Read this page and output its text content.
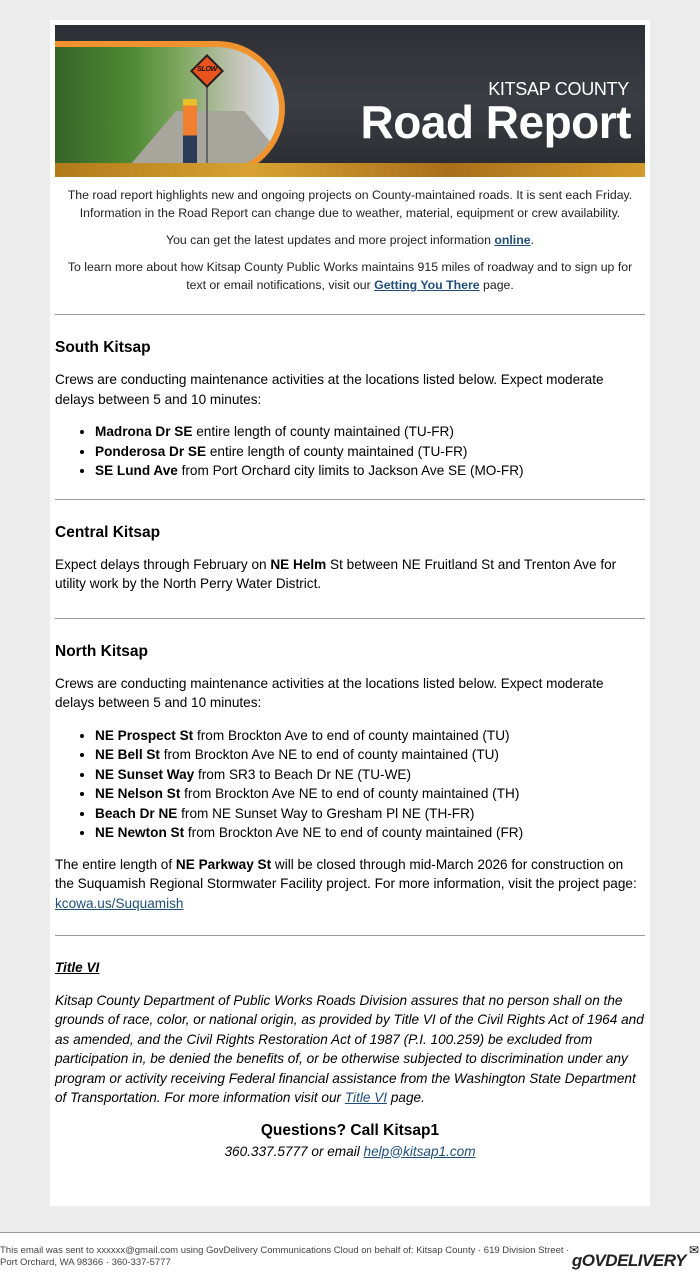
SLOW
KITSAP COUNTY
Road Report

The road report highlights new and ongoing projects on County-maintained roads. It is sent each Friday. Information in the Road Report can change due to weather, material, equipment or crew availability.

You can get the latest updates and more project information online.

To learn more about how Kitsap County Public Works maintains 915 miles of roadway and to sign up for text or email notifications, visit our Getting You There page.

South Kitsap

Crews are conducting maintenance activities at the locations listed below. Expect moderate delays between 5 and 10 minutes:

• Madrona Dr SE entire length of county maintained (TU-FR)
• Ponderosa Dr SE entire length of county maintained (TU-FR)
• SE Lund Ave from Port Orchard city limits to Jackson Ave SE (MO-FR)
Central Kitsap

Expect delays through February on NE Helm St between NE Fruitland St and Trenton Ave for utility work by the North Perry Water District.

North Kitsap

Crews are conducting maintenance activities at the locations listed below. Expect moderate delays between 5 and 10 minutes:

• NE Prospect St from Brockton Ave to end of county maintained (TU)
• NE Bell St from Brockton Ave NE to end of county maintained (TU)
• NE Sunset Way from SR3 to Beach Dr NE (TU-WE)
• NE Nelson St from Brockton Ave NE to end of county maintained (TH)
• Beach Dr NE from NE Sunset Way to Gresham Pl NE (TH-FR)
• NE Newton St from Brockton Ave NE to end of county maintained (FR)

The entire length of NE Parkway St will be closed through mid-March 2026 for construction on the Suquamish Regional Stormwater Facility project. For more information, visit the project page: kcowa.us/Suquamish

Title VI

Kitsap County Department of Public Works Roads Division assures that no person shall on the grounds of race, color, or national origin, as provided by Title VI of the Civil Rights Act of 1964 and as amended, and the Civil Rights Restoration Act of 1987 (P.I. 100.259) be excluded from participation in, be denied the benefits of, or be otherwise subjected to discrimination under any program or activity receiving Federal financial assistance from the Washington State Department of Transportation. For more information visit our Title VI page.

Questions? Call Kitsap1

360.337.5777 or email help@kitsap1.com

This email was sent to xxxxxx@gmail.com using GovDelivery Communications Cloud on behalf of: Kitsap County · 619 Division Street · Port Orchard, WA 98366 · 360-337-5777

✉
gOVDELIVERY
